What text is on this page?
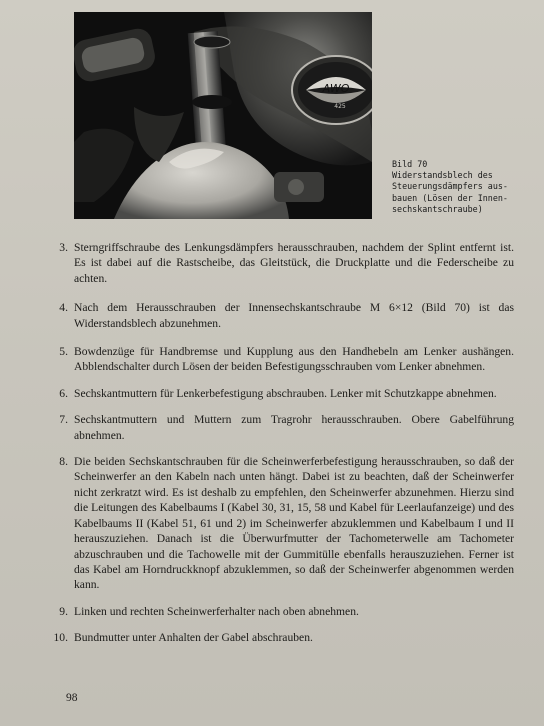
AWO
425
Bild 70
Widerstandsblech des
Steuerungsdämpfers aus-
bauen (Lösen der Innen-
sechskantschraube)
3. Sterngriffschraube des Lenkungsdämpfers herausschrauben, nachdem der Splint entfernt ist. Es ist dabei auf die Rastscheibe, das Gleitstück, die Druckplatte und die Federscheibe zu achten.
4. Nach dem Herausschrauben der Innensechskantschraube M 6×12 (Bild 70) ist das Widerstandsblech abzunehmen.
5. Bowdenzüge für Handbremse und Kupplung aus den Handhebeln am Lenker aushängen. Abblendschalter durch Lösen der beiden Befestigungsschrauben vom Lenker abnehmen.
6. Sechskantmuttern für Lenkerbefestigung abschrauben. Lenker mit Schutzkappe abnehmen.
7. Sechskantmuttern und Muttern zum Tragrohr herausschrauben. Obere Gabelführung abnehmen.
8. Die beiden Sechskantschrauben für die Scheinwerferbefestigung herausschrauben, so daß der Scheinwerfer an den Kabeln nach unten hängt. Dabei ist zu beachten, daß der Scheinwerfer nicht zerkratzt wird. Es ist deshalb zu empfehlen, den Scheinwerfer abzunehmen. Hierzu sind die Leitungen des Kabelbaums I (Kabel 30, 31, 15, 58 und Kabel für Leerlaufanzeige) und des Kabelbaums II (Kabel 51, 61 und 2) im Scheinwerfer abzuklemmen und Kabelbaum I und II herauszuziehen. Danach ist die Überwurfmutter der Tachometerwelle am Tachometer abzuschrauben und die Tachowelle mit der Gummitülle ebenfalls herauszuziehen. Ferner ist das Kabel am Horndruckknopf abzuklemmen, so daß der Scheinwerfer abgenommen werden kann.
9. Linken und rechten Scheinwerferhalter nach oben abnehmen.
10. Bundmutter unter Anhalten der Gabel abschrauben.
98
